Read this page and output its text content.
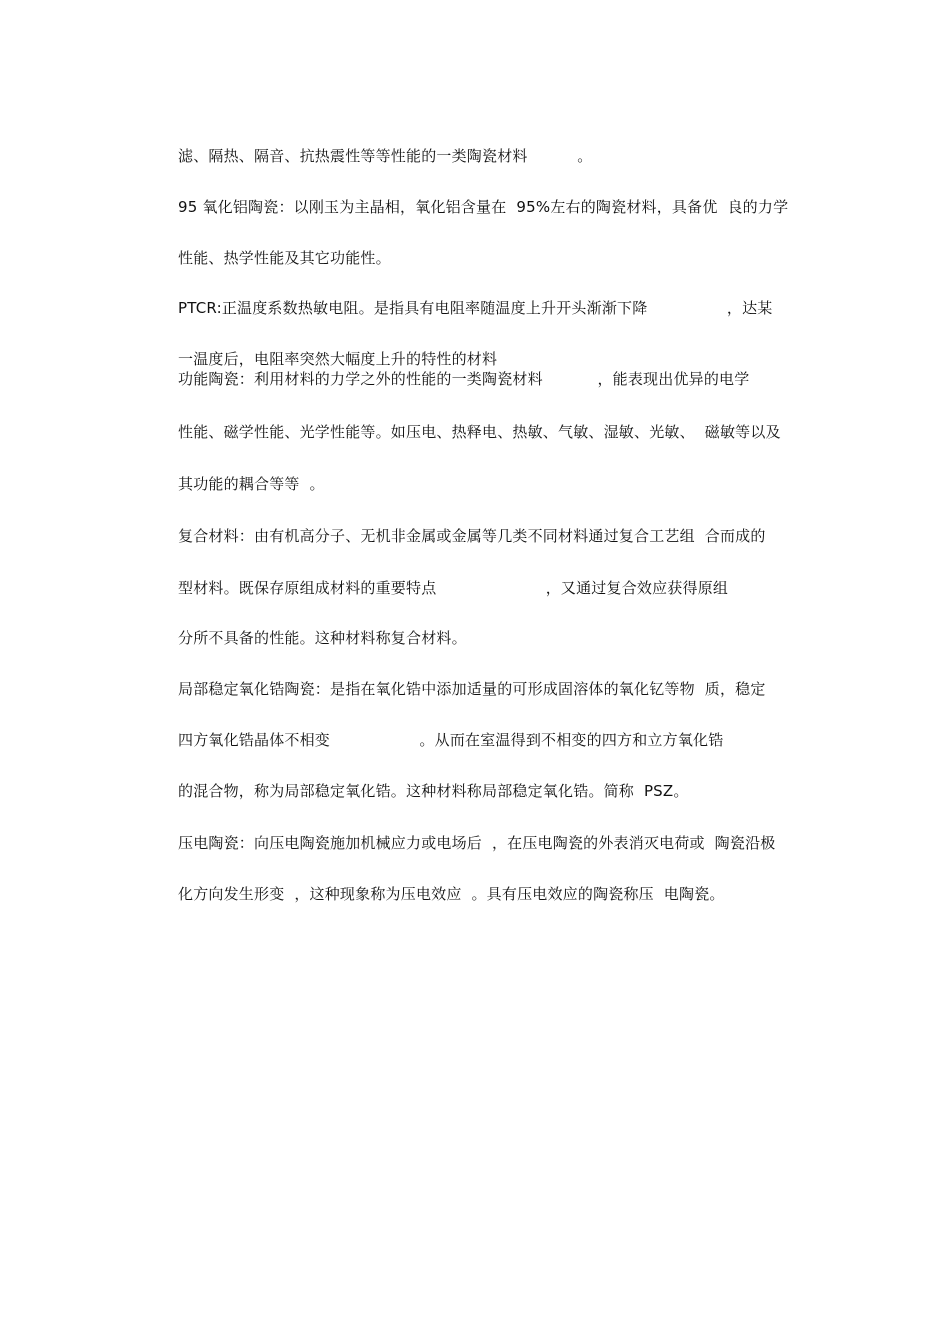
滤、隔热、隔音、抗热震性等等性能的一类陶瓷材料          。
95 氧化铝陶瓷：以刚玉为主晶相，氧化铝含量在  95%左右的陶瓷材料，具备优  良的力学
性能、热学性能及其它功能性。
PTCR:正温度系数热敏电阻。是指具有电阻率随温度上升开头渐渐下降                ，达某
一温度后，电阻率突然大幅度上升的特性的材料
功能陶瓷：利用材料的力学之外的性能的一类陶瓷材料           ，能表现出优异的电学
性能、磁学性能、光学性能等。如压电、热释电、热敏、气敏、湿敏、光敏、  磁敏等以及
其功能的耦合等等  。
复合材料：由有机高分子、无机非金属或金属等几类不同材料通过复合工艺组  合而成的
型材料。既保存原组成材料的重要特点                      ，又通过复合效应获得原组
分所不具备的性能。这种材料称复合材料。
局部稳定氧化锆陶瓷：是指在氧化锆中添加适量的可形成固溶体的氧化钇等物  质，稳定
四方氧化锆晶体不相变                  。从而在室温得到不相变的四方和立方氧化锆
的混合物，称为局部稳定氧化锆。这种材料称局部稳定氧化锆。简称  PSZ。
压电陶瓷：向压电陶瓷施加机械应力或电场后  ，在压电陶瓷的外表消灭电荷或  陶瓷沿极
化方向发生形变  ，这种现象称为压电效应  。具有压电效应的陶瓷称压  电陶瓷。
